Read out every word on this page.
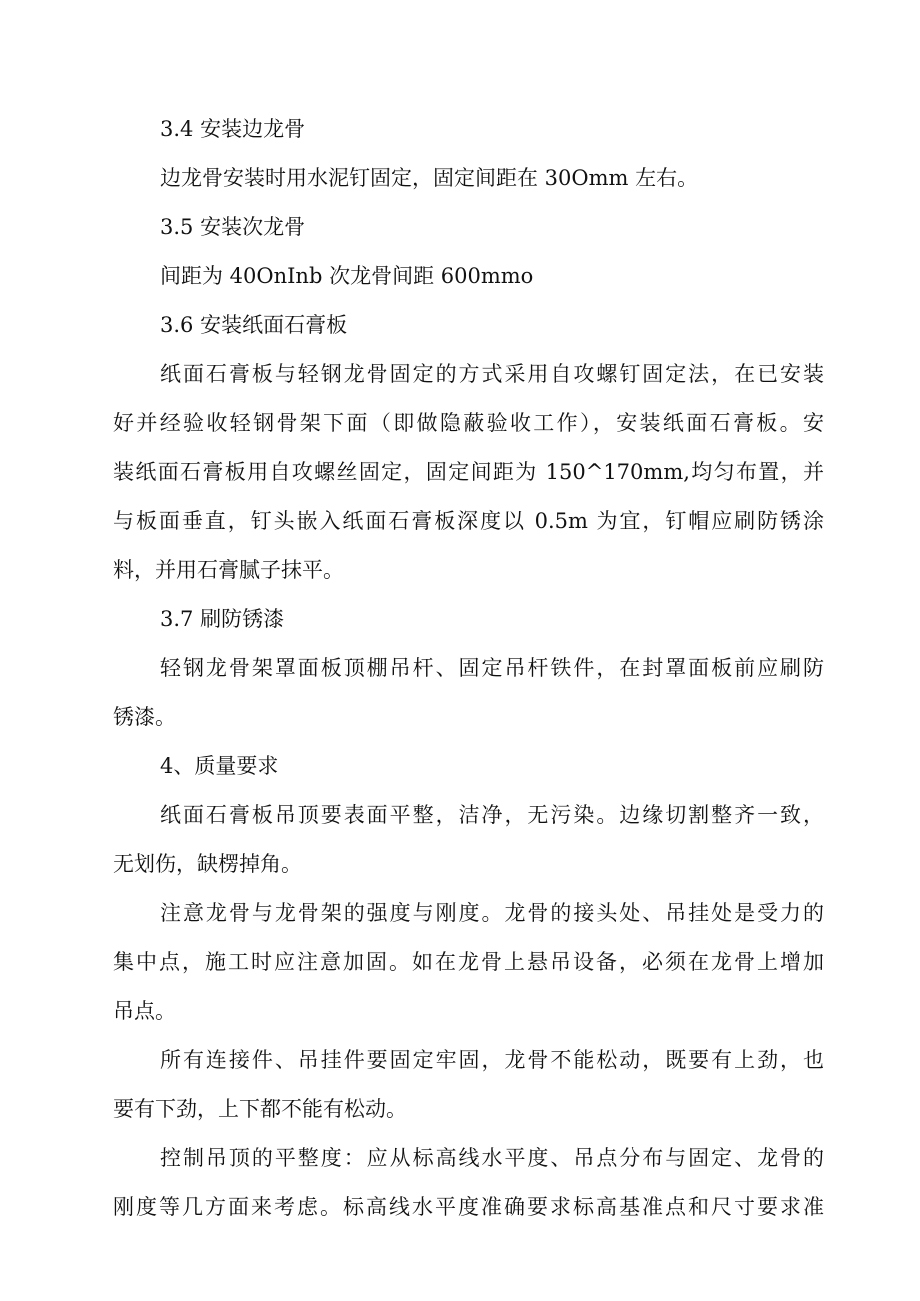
3.4 安装边龙骨
边龙骨安装时用水泥钉固定，固定间距在 30Omm 左右。
3.5 安装次龙骨
间距为 40OnInb 次龙骨间距 600mmo
3.6 安装纸面石膏板
纸面石膏板与轻钢龙骨固定的方式采用自攻螺钉固定法，在已安装
好并经验收轻钢骨架下面（即做隐蔽验收工作），安装纸面石膏板。安
装纸面石膏板用自攻螺丝固定，固定间距为 150^170mm,均匀布置，并
与板面垂直，钉头嵌入纸面石膏板深度以 0.5m 为宜，钉帽应刷防锈涂
料，并用石膏腻子抹平。
3.7 刷防锈漆
轻钢龙骨架罩面板顶棚吊杆、固定吊杆铁件，在封罩面板前应刷防
锈漆。
4、质量要求
纸面石膏板吊顶要表面平整，洁净，无污染。边缘切割整齐一致，
无划伤，缺楞掉角。
注意龙骨与龙骨架的强度与刚度。龙骨的接头处、吊挂处是受力的
集中点，施工时应注意加固。如在龙骨上悬吊设备，必须在龙骨上增加
吊点。
所有连接件、吊挂件要固定牢固，龙骨不能松动，既要有上劲，也
要有下劲，上下都不能有松动。
控制吊顶的平整度：应从标高线水平度、吊点分布与固定、龙骨的
刚度等几方面来考虑。标高线水平度准确要求标高基准点和尺寸要求准
